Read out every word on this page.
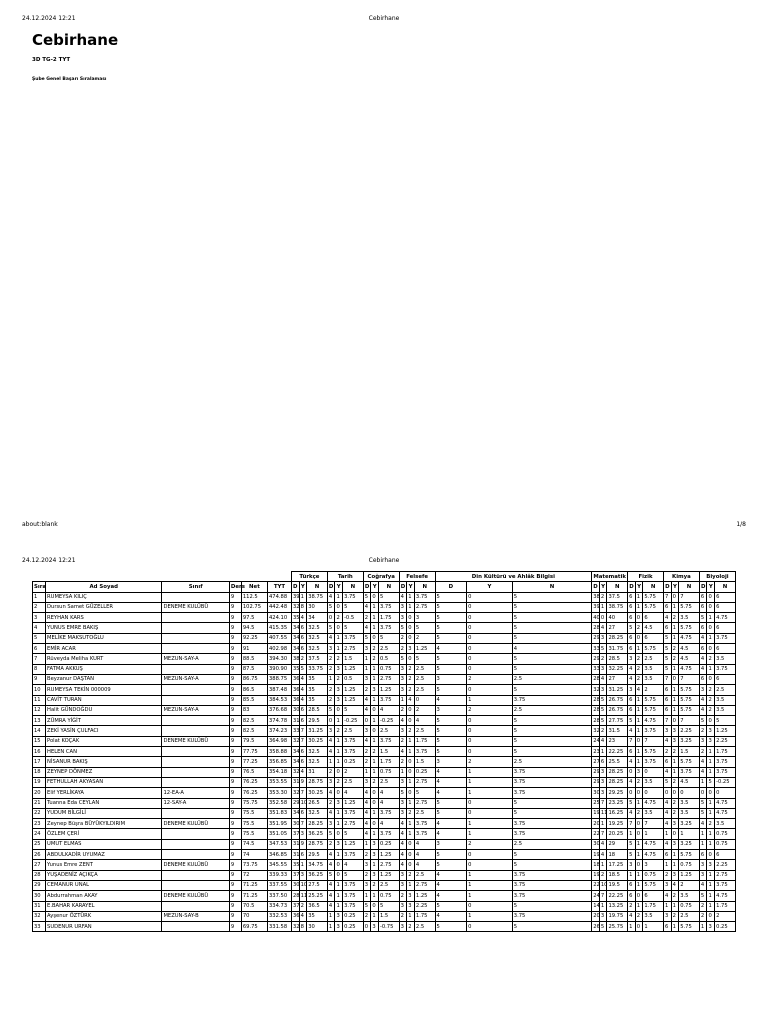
24.12.2024 12:21	Cebirhane
Cebirhane
3D TG-2 TYT
Şube Genel Başarı Sıralaması
about:blank	1/8
24.12.2024 12:21	Cebirhane
						Türkçe			Tarih			Coğrafya			Felsefe			Din Kültürü ve Ahlâk Bilgisi			Matematik			Fizik			Kimya			Biyoloji		
Sıra	Ad Soyad	Sınıf	Ders	Net	TYT	D	Y	N	D	Y	N	D	Y	N	D	Y	N	D	Y	N	D	Y	N	D	Y	N	D	Y	N	D	Y	N
1	RUMEYSA KILIÇ		9	112.5	474.88	39	1	38.75	4	1	3.75	5	0	5	4	1	3.75	5	0	5	38	2	37.5	6	1	5.75	7	0	7	6	0	6
2	Dursun Samet GÜZELLER	DENEME KULÜBÜ	9	102.75	442.48	32	8	30	5	0	5	4	1	3.75	3	1	2.75	5	0	5	39	1	38.75	6	1	5.75	6	1	5.75	6	0	6
3	REYHAN KARS		9	97.5	424.10	35	4	34	0	2	-0.5	2	1	1.75	3	0	3	5	0	5	40	0	40	6	0	6	4	2	3.5	5	1	4.75
4	YUNUS EMRE BAKIŞ		9	94.5	415.35	34	6	32.5	5	0	5	4	1	3.75	5	0	5	5	0	5	28	4	27	5	2	4.5	6	1	5.75	6	0	6
5	MELİKE MAKSUTOĞLU		9	92.25	407.55	34	6	32.5	4	1	3.75	5	0	5	2	0	2	5	0	5	29	3	28.25	6	0	6	5	1	4.75	4	1	3.75
6	EMİR ACAR		9	91	402.98	34	6	32.5	3	1	2.75	3	2	2.5	2	3	1.25	4	0	4	33	5	31.75	6	1	5.75	5	2	4.5	6	0	6
7	Rüveyda Meliha KURT	MEZUN-SAY-A	9	88.5	394.30	38	2	37.5	2	2	1.5	1	2	0.5	5	0	5	5	0	5	29	2	28.5	3	2	2.5	5	2	4.5	4	2	3.5
8	FATMA AKKUŞ		9	87.5	390.90	35	5	33.75	2	3	1.25	1	1	0.75	3	2	2.5	5	0	5	33	3	32.25	4	2	3.5	5	1	4.75	4	1	3.75
9	Beyzanur DAŞTAN	MEZUN-SAY-A	9	86.75	388.75	36	4	35	1	2	0.5	3	1	2.75	3	2	2.5	3	2	2.5	28	4	27	4	2	3.5	7	0	7	6	0	6
10	RUMEYSA TEKİN 000009		9	86.5	387.48	36	4	35	2	3	1.25	2	3	1.25	3	2	2.5	5	0	5	32	3	31.25	3	4	2	6	1	5.75	3	2	2.5
11	CAVİT TURAN		9	85.5	384.53	36	4	35	2	3	1.25	4	1	3.75	1	4	0	4	1	3.75	28	5	26.75	6	1	5.75	6	1	5.75	4	2	3.5
12	Halit GÜNDOĞDU	MEZUN-SAY-A	9	83	376.68	30	6	28.5	5	0	5	4	0	4	2	0	2	3	2	2.5	28	5	26.75	6	1	5.75	6	1	5.75	4	2	3.5
13	ZÜMRA YİĞİT		9	82.5	374.78	31	6	29.5	0	1	-0.25	0	1	-0.25	4	0	4	5	0	5	28	5	27.75	5	1	4.75	7	0	7	5	0	5
14	ZEKİ YASİN ÇULFACI		9	82.5	374.23	33	7	31.25	3	2	2.5	3	0	2.5	3	2	2.5	5	0	5	32	2	31.5	4	1	3.75	3	3	2.25	2	3	1.25
15	Polat KOÇAK	DENEME KULÜBÜ	9	79.5	364.98	32	7	30.25	4	1	3.75	4	1	3.75	2	1	1.75	5	0	5	24	4	23	7	0	7	4	3	3.25	3	3	2.25
16	HELEN CAN		9	77.75	358.88	34	6	32.5	4	1	3.75	2	2	1.5	4	1	3.75	5	0	5	23	1	22.25	6	1	5.75	2	2	1.5	2	1	1.75
17	NİSANUR BAKIŞ		9	77.25	356.85	34	6	32.5	1	1	0.25	2	1	1.75	2	0	1.5	3	2	2.5	27	6	25.5	4	1	3.75	6	1	5.75	4	1	3.75
18	ZEYNEP DÖNMEZ		9	76.5	354.18	32	4	31	2	0	2	1	1	0.75	1	0	0.25	4	1	3.75	29	3	28.25	0	3	0	4	1	3.75	4	1	3.75
19	FETHULLAH AKYASAN		9	76.25	353.55	31	9	28.75	3	2	2.5	3	2	2.5	3	1	2.75	4	1	3.75	29	3	28.25	4	2	3.5	5	2	4.5	1	5	-0.25
20	Elif YERLİKAYA	12-EA-A	9	76.25	353.30	32	7	30.25	4	0	4	4	0	4	5	0	5	4	1	3.75	30	3	29.25	0	0	0	0	0	0	0	0	0
21	Tuanna Eda CEYLAN	12-SAY-A	9	75.75	352.58	29	10	26.5	2	3	1.25	4	0	4	3	1	2.75	5	0	5	25	7	23.25	5	1	4.75	4	2	3.5	5	1	4.75
22	YUDUM BİLGİLİ		9	75.5	351.83	34	6	32.5	4	1	3.75	4	1	3.75	3	2	2.5	5	0	5	19	11	16.25	4	2	3.5	4	2	3.5	5	1	4.75
23	Zeynep Büşra BÜYÜKYILDIRIM	DENEME KULÜBÜ	9	75.5	351.95	30	7	28.25	3	1	2.75	4	0	4	4	1	3.75	4	1	3.75	20	1	19.25	7	0	7	4	3	3.25	4	2	3.5
24	ÖZLEM ÇERİ		9	75.5	351.05	37	3	36.25	5	0	5	4	1	3.75	4	1	3.75	4	1	3.75	22	7	20.25	1	0	1	1	0	1	1	1	0.75
25	UMUT ELMAS		9	74.5	347.53	31	9	28.75	2	3	1.25	1	3	0.25	4	0	4	3	2	2.5	30	4	29	5	1	4.75	4	3	3.25	1	1	0.75
26	ABDULKADİR UYUMAZ		9	74	346.85	31	6	29.5	4	1	3.75	2	3	1.25	4	0	4	5	0	5	19	4	18	5	1	4.75	6	1	5.75	6	0	6
27	Yunus Emre ZENT	DENEME KULÜBÜ	9	73.75	345.55	35	1	34.75	4	0	4	3	1	2.75	4	0	4	5	0	5	18	1	17.25	3	0	3	1	1	0.75	3	3	2.25
28	YUŞADENİZ AÇIKÇA		9	72	339.33	37	3	36.25	5	0	5	2	3	1.25	3	2	2.5	4	1	3.75	19	2	18.5	1	1	0.75	2	3	1.25	3	1	2.75
29	CEMANUR UNAL		9	71.25	337.55	30	10	27.5	4	1	3.75	3	2	2.5	3	1	2.75	4	1	3.75	22	10	19.5	6	1	5.75	3	4	2	4	1	3.75
30	Abdurrahman AKAY	DENEME KULÜBÜ	9	71.25	337.50	28	11	25.25	4	1	3.75	1	1	0.75	2	3	1.25	4	1	3.75	24	7	22.25	6	0	6	4	2	3.5	5	1	4.75
31	E.BAHAR KARAYEL		9	70.5	334.73	37	2	36.5	4	1	3.75	5	0	5	3	3	2.25	5	0	5	14	1	13.25	2	1	1.75	1	1	0.75	2	1	1.75
32	Ayşenur ÖZTÜRK	MEZUN-SAY-B	9	70	332.53	36	4	35	1	3	0.25	2	1	1.5	2	1	1.75	4	1	3.75	20	3	19.75	4	2	3.5	3	2	2.5	2	0	2
33	SUDENUR URFAN		9	69.75	331.58	32	8	30	1	3	0.25	0	3	-0.75	3	2	2.5	5	0	5	26	5	25.75	1	0	1	6	1	5.75	1	3	0.25
